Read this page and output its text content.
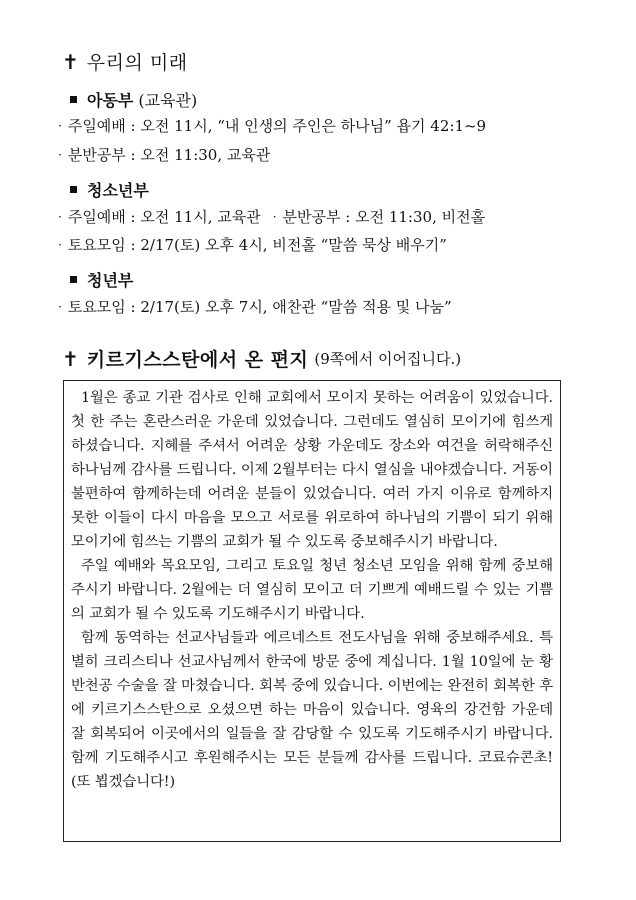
✝ 우리의 미래
아동부 (교육관)
· 주일예배 : 오전 11시, “내 인생의 주인은 하나님” 욥기 42:1~9
· 분반공부 : 오전 11:30, 교육관
청소년부
· 주일예배 : 오전 11시, 교육관 · 분반공부 : 오전 11:30, 비전홀
· 토요모임 : 2/17(토) 오후 4시, 비전홀 “말씀 묵상 배우기”
청년부
· 토요모임 : 2/17(토) 오후 7시, 애찬관 “말씀 적용 및 나눔”
✝ 키르기스스탄에서 온 편지 (9쪽에서 이어집니다.)

1월은 종교 기관 검사로 인해 교회에서 모이지 못하는 어려움이 있었습니다. 첫 한 주는 혼란스러운 가운데 있었습니다. 그런데도 열심히 모이기에 힘쓰게 하셨습니다. 지혜를 주셔서 어려운 상황 가운데도 장소와 여건을 허락해주신 하나님께 감사를 드립니다. 이제 2월부터는 다시 열심을 내야겠습니다. 거동이 불편하여 함께하는데 어려운 분들이 있었습니다. 여러 가지 이유로 함께하지 못한 이들이 다시 마음을 모으고 서로를 위로하여 하나님의 기쁨이 되기 위해 모이기에 힘쓰는 기쁨의 교회가 될 수 있도록 중보해주시기 바랍니다.

주일 예배와 목요모임, 그리고 토요일 청년 청소년 모임을 위해 함께 중보해주시기 바랍니다. 2월에는 더 열심히 모이고 더 기쁘게 예배드릴 수 있는 기쁨의 교회가 될 수 있도록 기도해주시기 바랍니다.

함께 동역하는 선교사님들과 에르네스트 전도사님을 위해 중보해주세요. 특별히 크리스티나 선교사님께서 한국에 방문 중에 계십니다. 1월 10일에 눈 황반천공 수술을 잘 마쳤습니다. 회복 중에 있습니다. 이번에는 완전히 회복한 후에 키르기스스탄으로 오셨으면 하는 마음이 있습니다. 영육의 강건함 가운데 잘 회복되어 이곳에서의 일들을 잘 감당할 수 있도록 기도해주시기 바랍니다. 함께 기도해주시고 후원해주시는 모든 분들께 감사를 드립니다. 코료슈콘초!(또 뵙겠습니다!)
